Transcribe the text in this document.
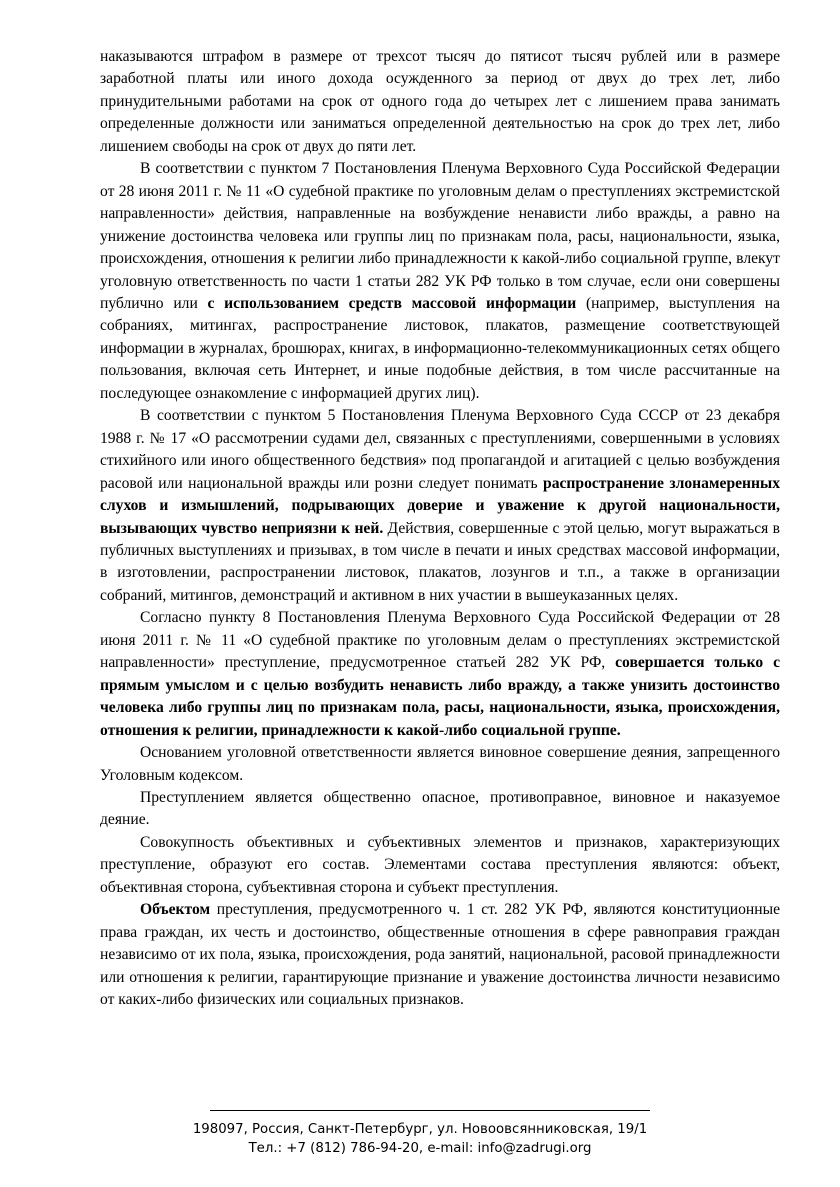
наказываются штрафом в размере от трехсот тысяч до пятисот тысяч рублей или в размере заработной платы или иного дохода осужденного за период от двух до трех лет, либо принудительными работами на срок от одного года до четырех лет с лишением права занимать определенные должности или заниматься определенной деятельностью на срок до трех лет, либо лишением свободы на срок от двух до пяти лет.

В соответствии с пунктом 7 Постановления Пленума Верховного Суда Российской Федерации от 28 июня 2011 г. № 11 «О судебной практике по уголовным делам о преступлениях экстремистской направленности» действия, направленные на возбуждение ненависти либо вражды, а равно на унижение достоинства человека или группы лиц по признакам пола, расы, национальности, языка, происхождения, отношения к религии либо принадлежности к какой-либо социальной группе, влекут уголовную ответственность по части 1 статьи 282 УК РФ только в том случае, если они совершены публично или с использованием средств массовой информации (например, выступления на собраниях, митингах, распространение листовок, плакатов, размещение соответствующей информации в журналах, брошюрах, книгах, в информационно-телекоммуникационных сетях общего пользования, включая сеть Интернет, и иные подобные действия, в том числе рассчитанные на последующее ознакомление с информацией других лиц).

В соответствии с пунктом 5 Постановления Пленума Верховного Суда СССР от 23 декабря 1988 г. № 17 «О рассмотрении судами дел, связанных с преступлениями, совершенными в условиях стихийного или иного общественного бедствия» под пропагандой и агитацией с целью возбуждения расовой или национальной вражды или розни следует понимать распространение злонамеренных слухов и измышлений, подрывающих доверие и уважение к другой национальности, вызывающих чувство неприязни к ней. Действия, совершенные с этой целью, могут выражаться в публичных выступлениях и призывах, в том числе в печати и иных средствах массовой информации, в изготовлении, распространении листовок, плакатов, лозунгов и т.п., а также в организации собраний, митингов, демонстраций и активном в них участии в вышеуказанных целях.

Согласно пункту 8 Постановления Пленума Верховного Суда Российской Федерации от 28 июня 2011 г. № 11 «О судебной практике по уголовным делам о преступлениях экстремистской направленности» преступление, предусмотренное статьей 282 УК РФ, совершается только с прямым умыслом и с целью возбудить ненависть либо вражду, а также унизить достоинство человека либо группы лиц по признакам пола, расы, национальности, языка, происхождения, отношения к религии, принадлежности к какой-либо социальной группе.

Основанием уголовной ответственности является виновное совершение деяния, запрещенного Уголовным кодексом.

Преступлением является общественно опасное, противоправное, виновное и наказуемое деяние.

Совокупность объективных и субъективных элементов и признаков, характеризующих преступление, образуют его состав. Элементами состава преступления являются: объект, объективная сторона, субъективная сторона и субъект преступления.

Объектом преступления, предусмотренного ч. 1 ст. 282 УК РФ, являются конституционные права граждан, их честь и достоинство, общественные отношения в сфере равноправия граждан независимо от их пола, языка, происхождения, рода занятий, национальной, расовой принадлежности или отношения к религии, гарантирующие признание и уважение достоинства личности независимо от каких-либо физических или социальных признаков.

198097, Россия, Санкт-Петербург, ул. Новоовсянниковская, 19/1
Тел.: +7 (812) 786-94-20, e-mail: info@zadrugi.org
